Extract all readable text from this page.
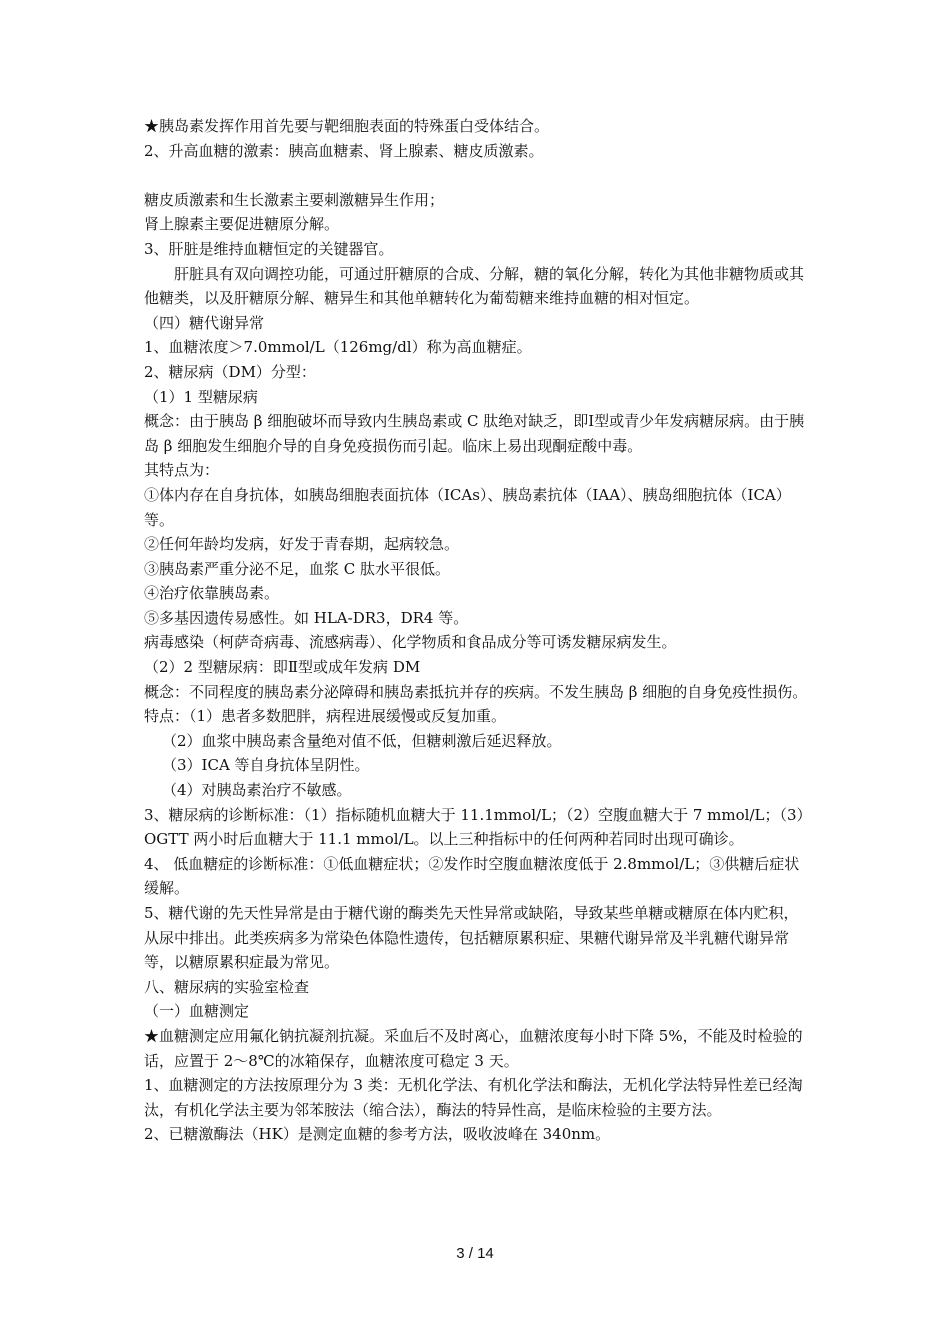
★胰岛素发挥作用首先要与靶细胞表面的特殊蛋白受体结合。

2、升高血糖的激素：胰高血糖素、肾上腺素、糖皮质激素。

糖皮质激素和生长激素主要刺激糖异生作用；

肾上腺素主要促进糖原分解。

3、肝脏是维持血糖恒定的关键器官。

肝脏具有双向调控功能，可通过肝糖原的合成、分解，糖的氧化分解，转化为其他非糖物质或其他糖类，以及肝糖原分解、糖异生和其他单糖转化为葡萄糖来维持血糖的相对恒定。

（四）糖代谢异常

1、血糖浓度＞7.0mmol/L（126mg/dl）称为高血糖症。

2、糖尿病（DM）分型：

（1）1 型糖尿病

概念：由于胰岛 β 细胞破坏而导致内生胰岛素或 C 肽绝对缺乏，即Ⅰ型或青少年发病糖尿病。由于胰岛 β 细胞发生细胞介导的自身免疫损伤而引起。临床上易出现酮症酸中毒。

其特点为：

①体内存在自身抗体，如胰岛细胞表面抗体（ICAs）、胰岛素抗体（IAA）、胰岛细胞抗体（ICA）等。

②任何年龄均发病，好发于青春期，起病较急。

③胰岛素严重分泌不足，血浆 C 肽水平很低。

④治疗依靠胰岛素。

⑤多基因遗传易感性。如 HLA-DR3，DR4 等。

病毒感染（柯萨奇病毒、流感病毒）、化学物质和食品成分等可诱发糖尿病发生。

（2）2 型糖尿病：即Ⅱ型或成年发病 DM

概念：不同程度的胰岛素分泌障碍和胰岛素抵抗并存的疾病。不发生胰岛 β 细胞的自身免疫性损伤。

特点：（1）患者多数肥胖，病程进展缓慢或反复加重。

（2）血浆中胰岛素含量绝对值不低，但糖刺激后延迟释放。

（3）ICA 等自身抗体呈阴性。

（4）对胰岛素治疗不敏感。

3、糖尿病的诊断标准：（1）指标随机血糖大于 11.1mmol/L；（2）空腹血糖大于 7 mmol/L；（3）OGTT 两小时后血糖大于 11.1 mmol/L。以上三种指标中的任何两种若同时出现可确诊。

4、 低血糖症的诊断标准：①低血糖症状；②发作时空腹血糖浓度低于 2.8mmol/L；③供糖后症状缓解。

5、糖代谢的先天性异常是由于糖代谢的酶类先天性异常或缺陷，导致某些单糖或糖原在体内贮积，从尿中排出。此类疾病多为常染色体隐性遗传，包括糖原累积症、果糖代谢异常及半乳糖代谢异常等，以糖原累积症最为常见。

八、糖尿病的实验室检查

（一）血糖测定

★血糖测定应用氟化钠抗凝剂抗凝。采血后不及时离心，血糖浓度每小时下降 5%，不能及时检验的话，应置于 2～8℃的冰箱保存，血糖浓度可稳定 3 天。

1、血糖测定的方法按原理分为 3 类：无机化学法、有机化学法和酶法，无机化学法特异性差已经淘汰，有机化学法主要为邻苯胺法（缩合法），酶法的特异性高，是临床检验的主要方法。

2、已糖激酶法（HK）是测定血糖的参考方法，吸收波峰在 340nm。

3 / 14
